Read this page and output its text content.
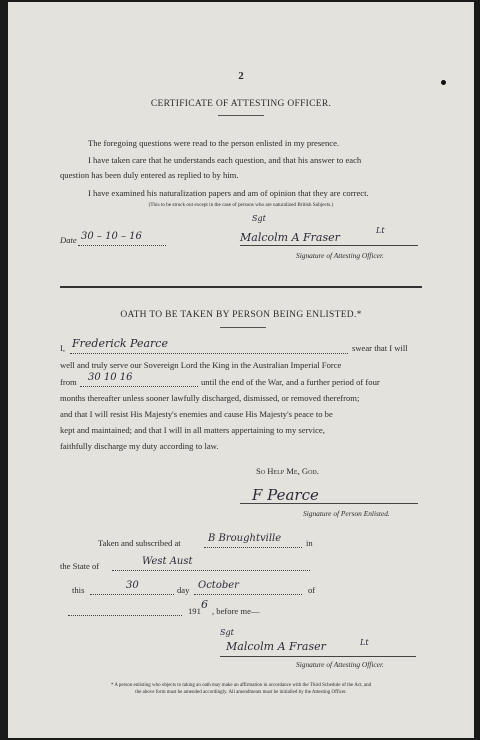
2
CERTIFICATE OF ATTESTING OFFICER.
The foregoing questions were read to the person enlisted in my presence.
I have taken care that he understands each question, and that his answer to each
question has been duly entered as replied to by him.
I have examined his naturalization papers and am of opinion that they are correct.
(This to be struck out except in the case of persons who are naturalized British Subjects.)
Date 30 – 10 – 16
Sgt
Malcolm A Fraser
Lt
Signature of Attesting Officer.
OATH TO BE TAKEN BY PERSON BEING ENLISTED.*
I, Frederick Pearce	swear that I will
well and truly serve our Sovereign Lord the King in the Australian Imperial Force
from 30 10 16	until the end of the War, and a further period of four
months thereafter unless sooner lawfully discharged, dismissed, or removed therefrom;
and that I will resist His Majesty's enemies and cause His Majesty's peace to be
kept and maintained; and that I will in all matters appertaining to my service,
faithfully discharge my duty according to law.
So Help Me, God.
F Pearce
Signature of Person Enlisted.
Taken and subscribed at	B Broughtville	in
the State of	West Aust
this	30	day October	of
191 6 , before me—
Sgt
Malcolm A Fraser	Lt
Signature of Attesting Officer.
* A person enlisting who objects to taking an oath may make an affirmation in accordance with the Third Schedule of the Act, and
the above form must be amended accordingly. All amendments must be initialled by the Attesting Officer.
